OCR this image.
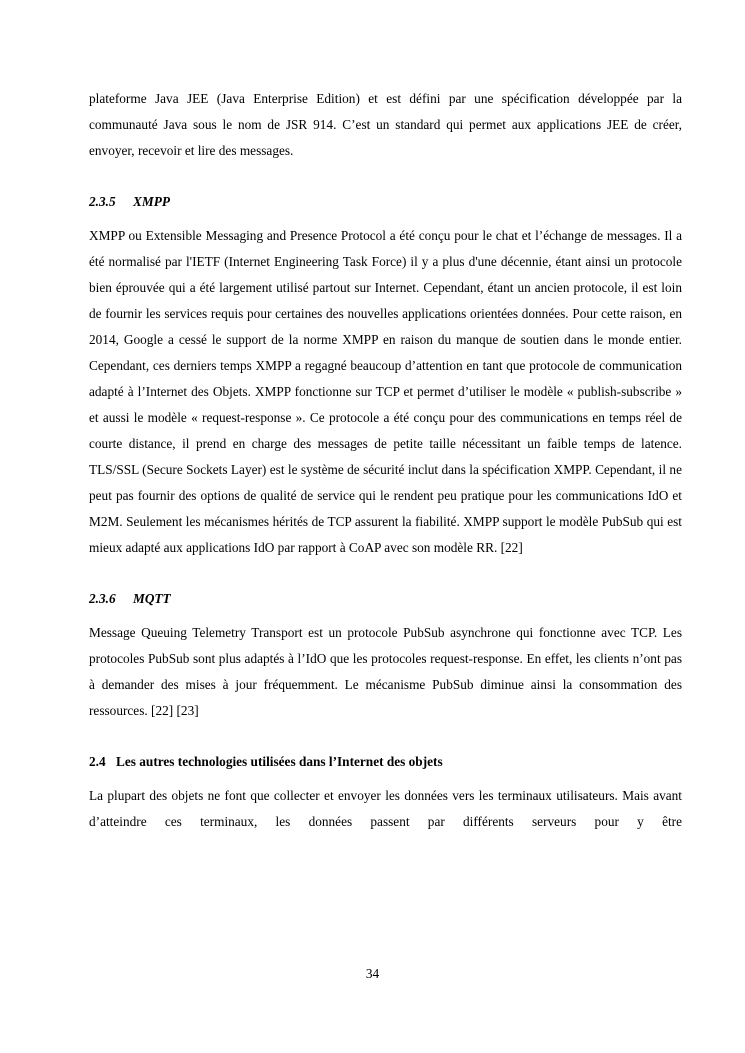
plateforme Java JEE (Java Enterprise Edition) et est défini par une spécification développée par la communauté Java sous le nom de JSR 914. C’est un standard qui permet aux applications JEE de créer, envoyer, recevoir et lire des messages.

2.3.5 XMPP

XMPP ou Extensible Messaging and Presence Protocol a été conçu pour le chat et l’échange de messages. Il a été normalisé par l'IETF (Internet Engineering Task Force) il y a plus d'une décennie, étant ainsi un protocole bien éprouvée qui a été largement utilisé partout sur Internet. Cependant, étant un ancien protocole, il est loin de fournir les services requis pour certaines des nouvelles applications orientées données. Pour cette raison, en 2014, Google a cessé le support de la norme XMPP en raison du manque de soutien dans le monde entier. Cependant, ces derniers temps XMPP a regagné beaucoup d’attention en tant que protocole de communication adapté à l’Internet des Objets. XMPP fonctionne sur TCP et permet d’utiliser le modèle « publish-subscribe » et aussi le modèle « request-response ». Ce protocole a été conçu pour des communications en temps réel de courte distance, il prend en charge des messages de petite taille nécessitant un faible temps de latence. TLS/SSL (Secure Sockets Layer) est le système de sécurité inclut dans la spécification XMPP. Cependant, il ne peut pas fournir des options de qualité de service qui le rendent peu pratique pour les communications IdO et M2M. Seulement les mécanismes hérités de TCP assurent la fiabilité. XMPP support le modèle PubSub qui est mieux adapté aux applications IdO par rapport à CoAP avec son modèle RR. [22]

2.3.6 MQTT

Message Queuing Telemetry Transport est un protocole PubSub asynchrone qui fonctionne avec TCP. Les protocoles PubSub sont plus adaptés à l’IdO que les protocoles request-response. En effet, les clients n’ont pas à demander des mises à jour fréquemment. Le mécanisme PubSub diminue ainsi la consommation des ressources. [22] [23]

2.4 Les autres technologies utilisées dans l’Internet des objets

La plupart des objets ne font que collecter et envoyer les données vers les terminaux utilisateurs. Mais avant d’atteindre ces terminaux, les données passent par différents serveurs pour y être

34
